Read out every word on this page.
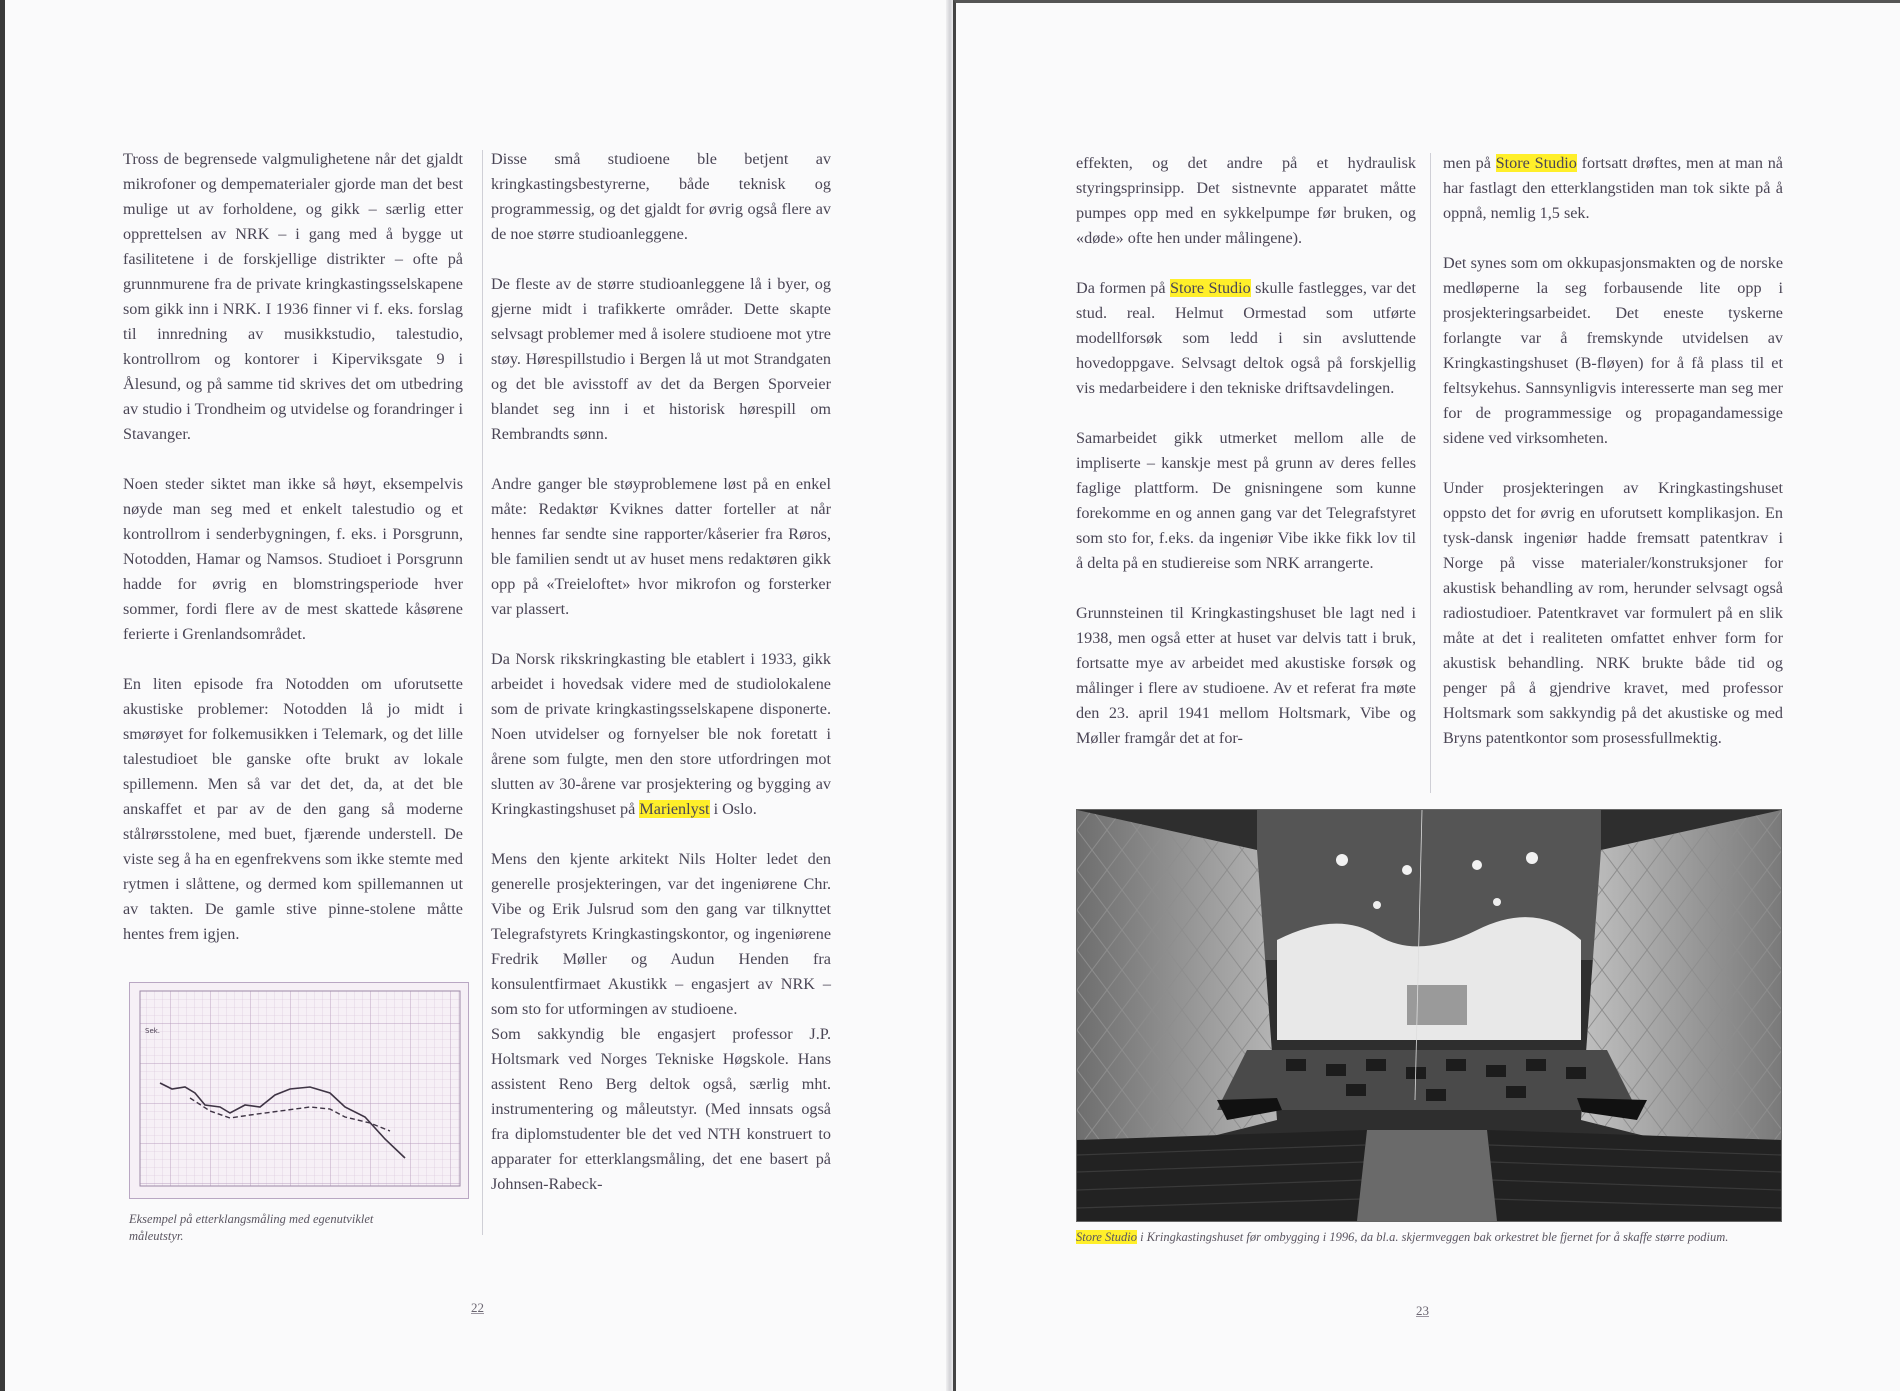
Tross de begrensede valgmulighetene når det gjaldt mikrofoner og dempematerialer gjorde man det best mulige ut av forholdene, og gikk – særlig etter opprettelsen av NRK – i gang med å bygge ut fasilitetene i de forskjellige distrikter – ofte på grunnmurene fra de private kringkastingsselskapene som gikk inn i NRK. I 1936 finner vi f. eks. forslag til innredning av musikkstudio, talestudio, kontrollrom og kontorer i Kiperviksgate 9 i Ålesund, og på samme tid skrives det om utbedring av studio i Trondheim og utvidelse og forandringer i Stavanger.

Noen steder siktet man ikke så høyt, eksempelvis nøyde man seg med et enkelt talestudio og et kontrollrom i senderbygningen, f. eks. i Porsgrunn, Notodden, Hamar og Namsos. Studioet i Porsgrunn hadde for øvrig en blomstringsperiode hver sommer, fordi flere av de mest skattede kåsørene ferierte i Grenlandsområdet.

En liten episode fra Notodden om uforutsette akustiske problemer: Notodden lå jo midt i smørøyet for folkemusikken i Telemark, og det lille talestudioet ble ganske ofte brukt av lokale spillemenn. Men så var det det, da, at det ble anskaffet et par av de den gang så moderne stålrørsstolene, med buet, fjærende understell. De viste seg å ha en egenfrekvens som ikke stemte med rytmen i slåttene, og dermed kom spillemannen ut av takten. De gamle stive pinne-stolene måtte hentes frem igjen.

Sek.
Eksempel på etterklangsmåling med egenutviklet måleutstyr.

Disse små studioene ble betjent av kringkastingsbestyrerne, både teknisk og programmessig, og det gjaldt for øvrig også flere av de noe større studioanleggene.

De fleste av de større studioanleggene lå i byer, og gjerne midt i trafikkerte områder. Dette skapte selvsagt problemer med å isolere studioene mot ytre støy. Hørespillstudio i Bergen lå ut mot Strandgaten og det ble avisstoff av det da Bergen Sporveier blandet seg inn i et historisk hørespill om Rembrandts sønn.

Andre ganger ble støyproblemene løst på en enkel måte: Redaktør Kviknes datter forteller at når hennes far sendte sine rapporter/kåserier fra Røros, ble familien sendt ut av huset mens redaktøren gikk opp på «Treieloftet» hvor mikrofon og forsterker var plassert.

Da Norsk rikskringkasting ble etablert i 1933, gikk arbeidet i hovedsak videre med de studiolokalene som de private kringkastingsselskapene disponerte. Noen utvidelser og fornyelser ble nok foretatt i årene som fulgte, men den store utfordringen mot slutten av 30-årene var prosjektering og bygging av Kringkastingshuset på Marienlyst i Oslo.

Mens den kjente arkitekt Nils Holter ledet den generelle prosjekteringen, var det ingeniørene Chr. Vibe og Erik Julsrud som den gang var tilknyttet Telegrafstyrets Kringkastingskontor, og ingeniørene Fredrik Møller og Audun Henden fra konsulentfirmaet Akustikk – engasjert av NRK – som sto for utformingen av studioene.

Som sakkyndig ble engasjert professor J.P. Holtsmark ved Norges Tekniske Høgskole. Hans assistent Reno Berg deltok også, særlig mht. instrumentering og måleutstyr. (Med innsats også fra diplomstudenter ble det ved NTH konstruert to apparater for etterklangsmåling, det ene basert på Johnsen-Rabeck-

22

effekten, og det andre på et hydraulisk styringsprinsipp. Det sistnevnte apparatet måtte pumpes opp med en sykkelpumpe før bruken, og «døde» ofte hen under målingene).

Da formen på Store Studio skulle fastlegges, var det stud. real. Helmut Ormestad som utførte modellforsøk som ledd i sin avsluttende hovedoppgave. Selvsagt deltok også på forskjellig vis medarbeidere i den tekniske driftsavdelingen.

Samarbeidet gikk utmerket mellom alle de impliserte – kanskje mest på grunn av deres felles faglige plattform. De gnisningene som kunne forekomme en og annen gang var det Telegrafstyret som sto for, f.eks. da ingeniør Vibe ikke fikk lov til å delta på en studiereise som NRK arrangerte.

Grunnsteinen til Kringkastingshuset ble lagt ned i 1938, men også etter at huset var delvis tatt i bruk, fortsatte mye av arbeidet med akustiske forsøk og målinger i flere av studioene. Av et referat fra møte den 23. april 1941 mellom Holtsmark, Vibe og Møller framgår det at for-

men på Store Studio fortsatt drøftes, men at man nå har fastlagt den etterklangstiden man tok sikte på å oppnå, nemlig 1,5 sek.

Det synes som om okkupasjonsmakten og de norske medløperne la seg forbausende lite opp i prosjekteringsarbeidet. Det eneste tyskerne forlangte var å fremskynde utvidelsen av Kringkastingshuset (B-fløyen) for å få plass til et feltsykehus. Sannsynligvis interesserte man seg mer for de programmessige og propagandamessige sidene ved virksomheten.

Under prosjekteringen av Kringkastingshuset oppsto det for øvrig en uforutsett komplikasjon. En tysk-dansk ingeniør hadde fremsatt patentkrav i Norge på visse materialer/konstruksjoner for akustisk behandling av rom, herunder selvsagt også radiostudioer. Patentkravet var formulert på en slik måte at det i realiteten omfattet enhver form for akustisk behandling. NRK brukte både tid og penger på å gjendrive kravet, med professor Holtsmark som sakkyndig på det akustiske og med Bryns patentkontor som prosessfullmektig.

Store Studio i Kringkastingshuset før ombygging i 1996, da bl.a. skjermveggen bak orkestret ble fjernet for å skaffe større podium.
23
